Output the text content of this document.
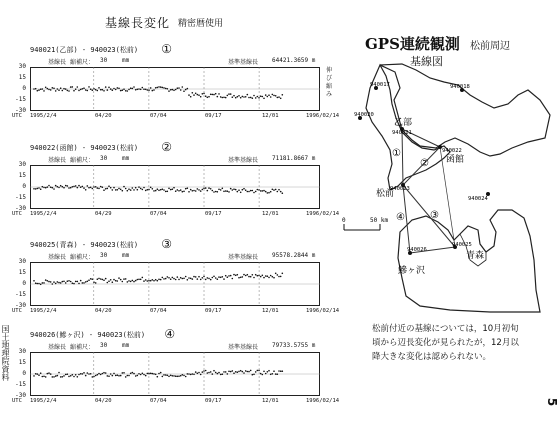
基線長変化 精密暦使用
GPS連続観測 松前周辺
基線図
940021(乙部) - 940023(松前) ①
基線長 縮補尺： 30 mm	基準基線長 64421.3659 m
伸び 縮み
30
15
0
-15
-30
1995/2/4	04/20	07/04	09/17	12/01	1996/02/14
UTC
940022(函館) - 940023(松前) ②
基線長 縮補尺： 30 mm	基準基線長 71181.8667 m
30
15
0
-15
-30
1995/2/4	04/29	07/04	09/17	12/01	1996/02/14
UTC
940025(青森) - 940023(松前) ③
基線長 縮補尺： 30 mm	基準基線長 95578.2844 m
30
15
0
-15
-30
1995/2/4	04/20	07/04	09/17	12/01	1996/02/14
UTC
940026(鰺ヶ沢) - 940023(松前) ④
基線長 縮補尺： 30 mm	基準基線長 79733.5755 m
30
15
0
-15
-30
1995/2/4	04/20	07/04	09/17	12/01	1996/02/14
UTC
940017	940018
940020
940021
940022
940023
940024
940025
940026
乙部
函館
松前
青森
鰺ヶ沢
①
②
③
④
0	50 km
松前付近の基線については，10月初旬頃から辺長変化が見られたが，12月以降大きな変化は認められない。
国土地理院資料
5
